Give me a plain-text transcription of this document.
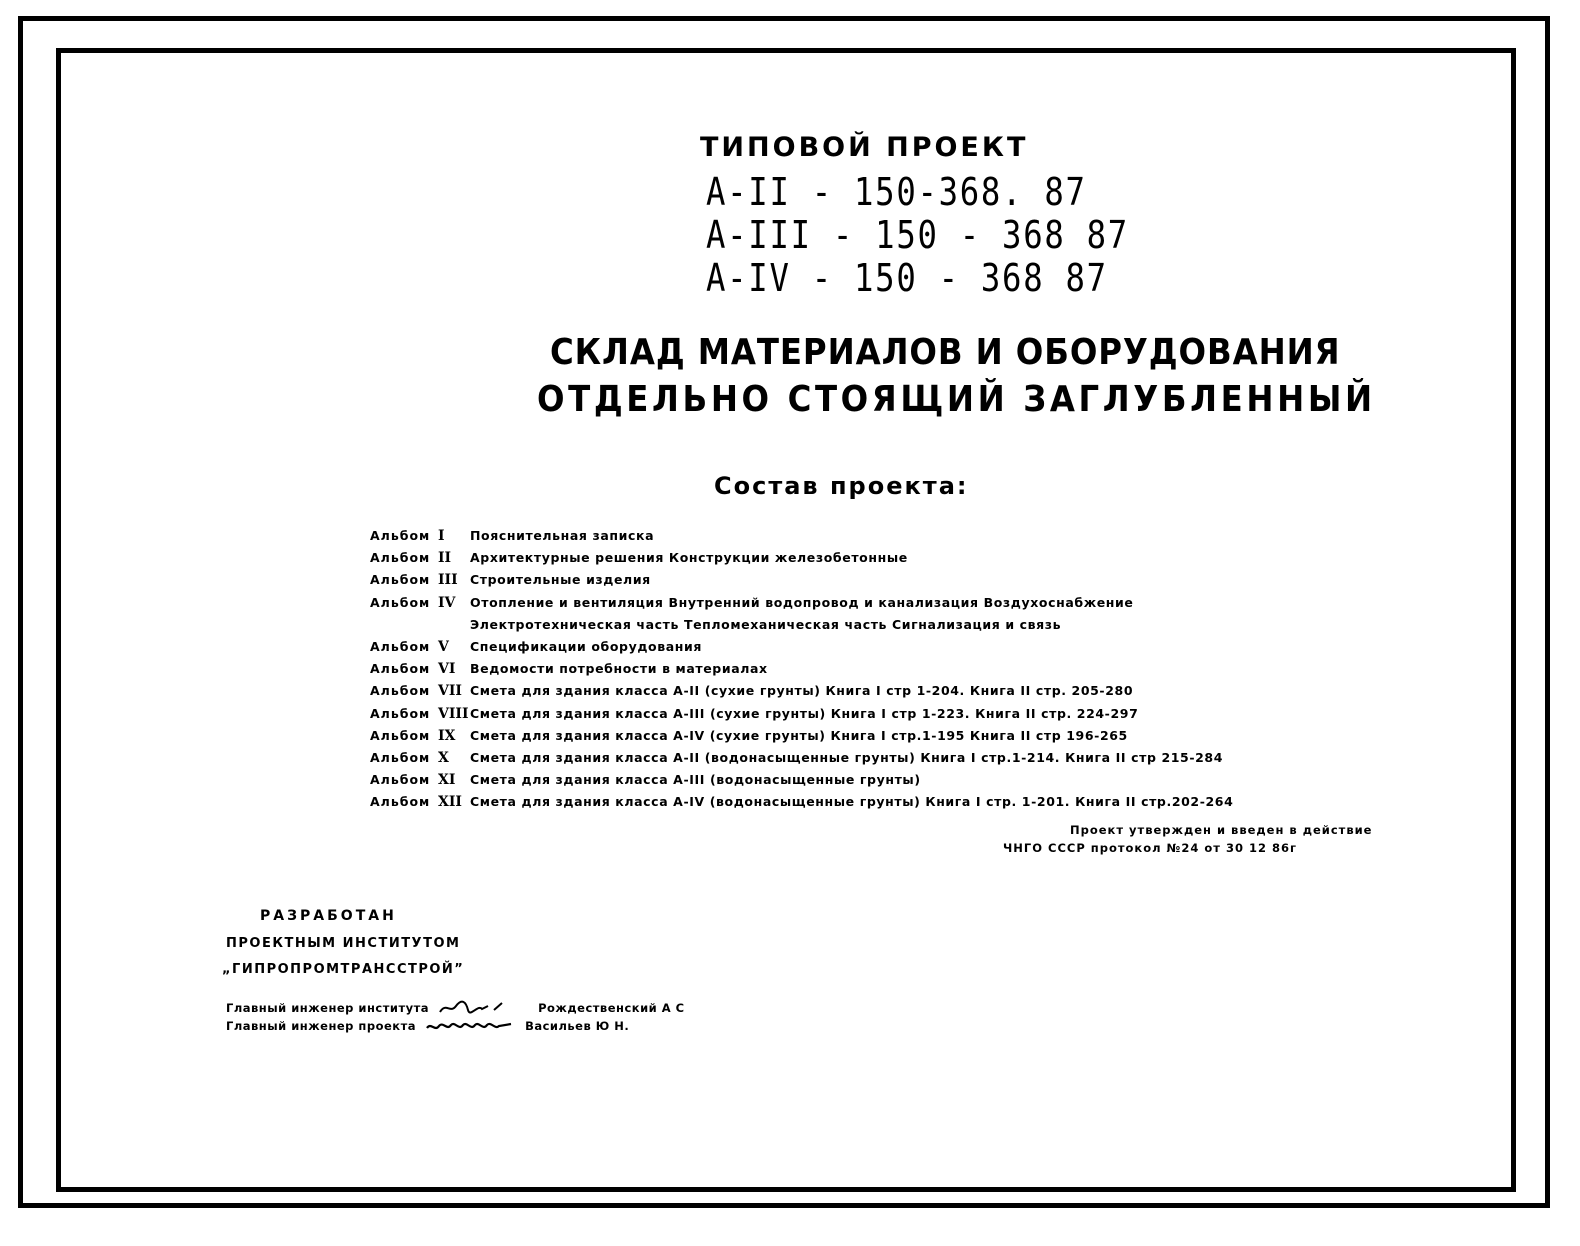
ТИПОВОЙ ПРОЕКТ
А-II - 150-368. 87
А-III - 150 - 368 87
А-IV - 150 - 368 87
СКЛАД МАТЕРИАЛОВ И ОБОРУДОВАНИЯ
ОТДЕЛЬНО СТОЯЩИЙ ЗАГЛУБЛЕННЫЙ
Состав проекта:
Альбом I Пояснительная записка
Альбом II Архитектурные решения Конструкции железобетонные
Альбом III Строительные изделия
Альбом IV Отопление и вентиляция Внутренний водопровод и канализация Воздухоснабжение
Электротехническая часть Тепломеханическая часть Сигнализация и связь
Альбом V Спецификации оборудования
Альбом VI Ведомости потребности в материалах
Альбом VII Смета для здания класса А-II (сухие грунты) Книга I стр 1-204. Книга II стр. 205-280
Альбом VIII Смета для здания класса А-III (сухие грунты) Книга I стр 1-223. Книга II стр. 224-297
Альбом IX Смета для здания класса А-IV (сухие грунты) Книга I стр.1-195 Книга II стр 196-265
Альбом X Смета для здания класса А-II (водонасыщенные грунты) Книга I стр.1-214. Книга II стр 215-284
Альбом XI Смета для здания класса А-III (водонасыщенные грунты)
Альбом XII Смета для здания класса А-IV (водонасыщенные грунты) Книга I стр. 1-201. Книга II стр.202-264
Проект утвержден и введен в действие
ЧНГО СССР протокол №24 от 30 12 86г
РАЗРАБОТАН
ПРОЕКТНЫМ ИНСТИТУТОМ
„ГИПРОПРОМТРАНССТРОЙ”
Главный инженер института	Рождественский А С
Главный инженер проекта	Васильев Ю Н.
